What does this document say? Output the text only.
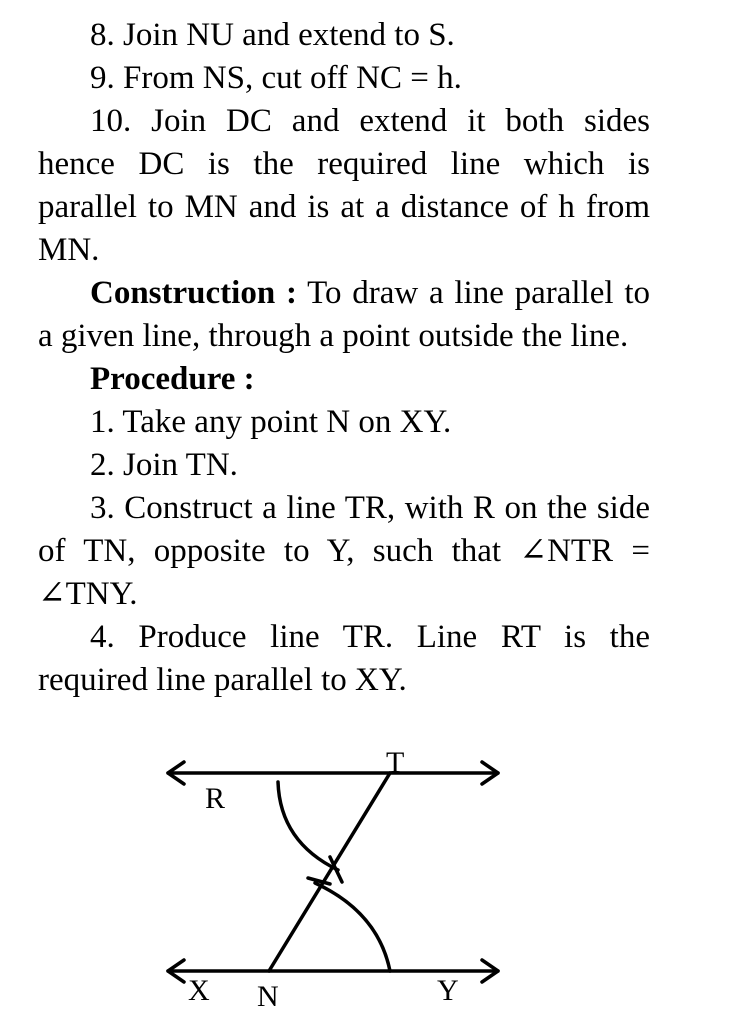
8. Join NU and extend to S.

9. From NS, cut off NC = h.

10. Join DC and extend it both sides hence DC is the required line which is parallel to MN and is at a distance of h from MN.

Construction : To draw a line parallel to a given line, through a point outside the line.

Procedure :

1. Take any point N on XY.

2. Join TN.

3. Construct a line TR, with R on the side of TN, opposite to Y, such that ∠NTR = ∠TNY.

4. Produce line TR. Line RT is the required line parallel to XY.

T
R
X N	Y
